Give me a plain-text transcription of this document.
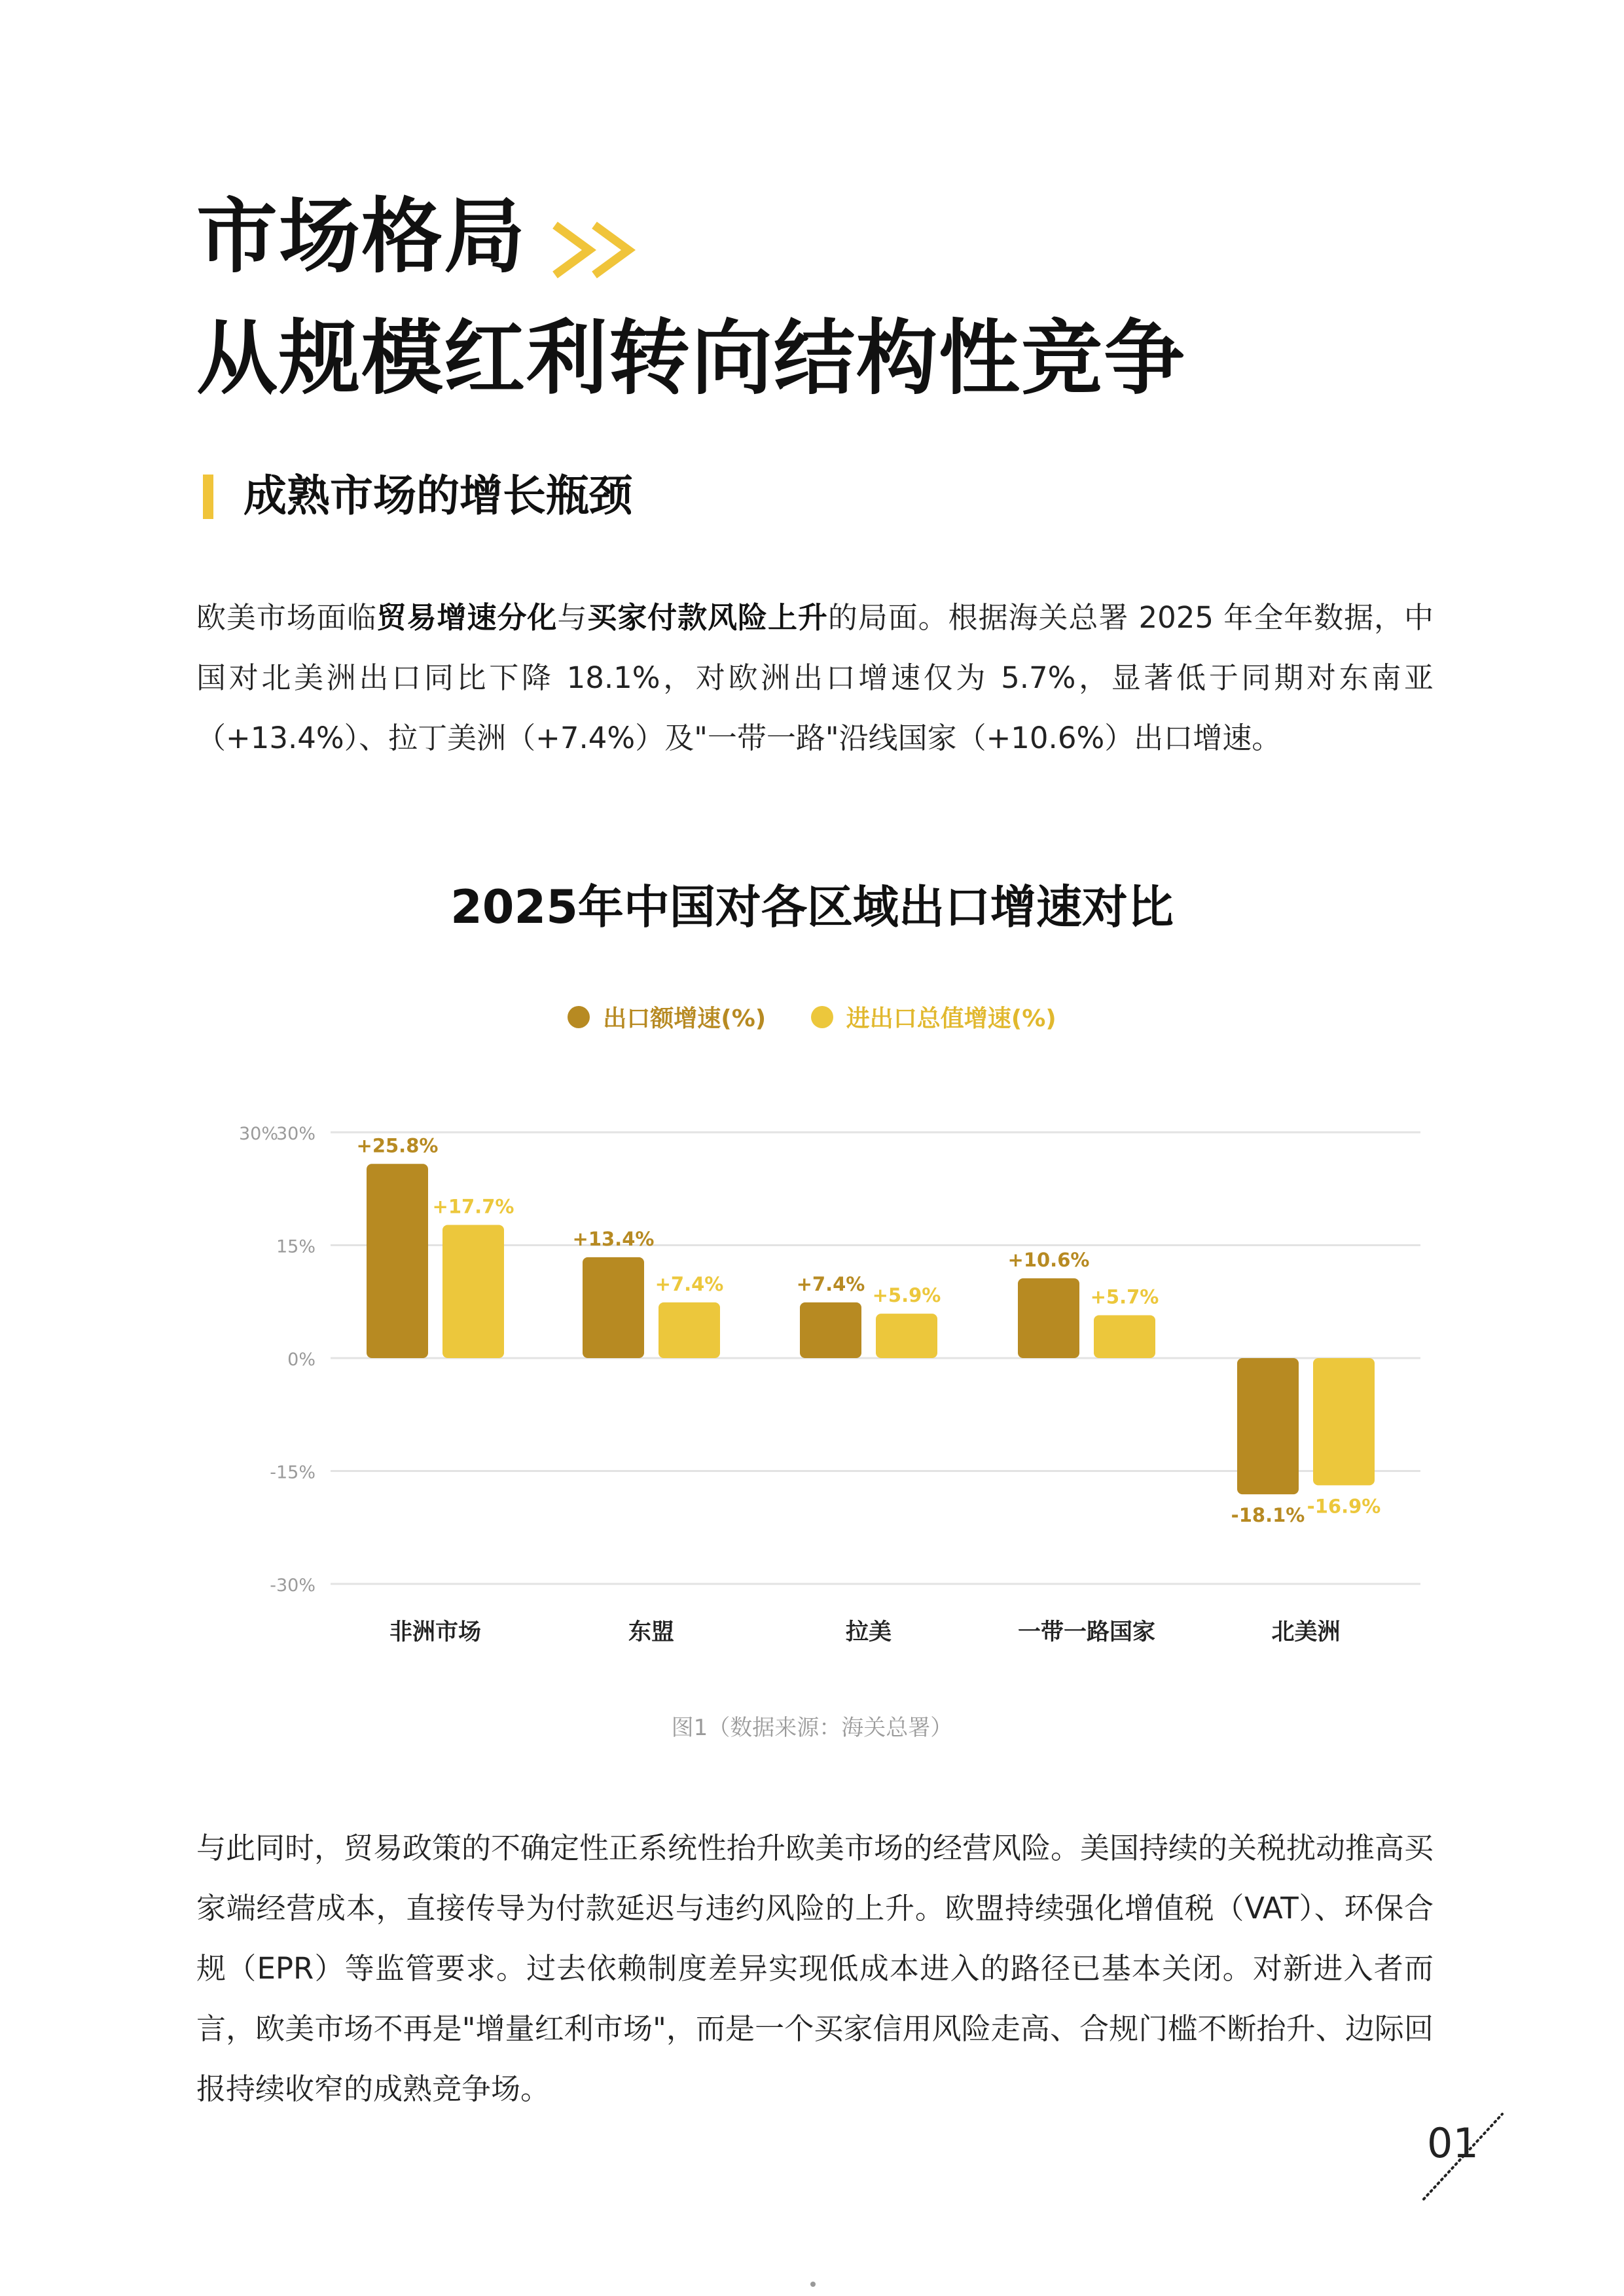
市场格局
从规模红利转向结构性竞争
成熟市场的增长瓶颈

欧美市场面临贸易增速分化与买家付款风险上升的局面。根据海关总署 2025 年全年数据，中国对北美洲出口同比下降 18.1%，对欧洲出口增速仅为 5.7%，显著低于同期对东南亚（+13.4%）、拉丁美洲（+7.4%）及"一带一路"沿线国家（+10.6%）出口增速。

2025年中国对各区域出口增速对比
出口额增速(%)
	进出口总值增速(%)
30%
15%
0%
-15%
-30%
30%
+25.8%
+17.7%
非洲市场
+13.4%
+7.4%
东盟
+7.4%
+5.9%
拉美
+10.6%
+5.7%
一带一路国家
-18.1% -16.9%
北美洲
图1（数据来源：海关总署）

与此同时，贸易政策的不确定性正系统性抬升欧美市场的经营风险。美国持续的关税扰动推高买家端经营成本，直接传导为付款延迟与违约风险的上升。欧盟持续强化增值税（VAT）、环保合规（EPR）等监管要求。过去依赖制度差异实现低成本进入的路径已基本关闭。对新进入者而言，欧美市场不再是"增量红利市场"，而是一个买家信用风险走高、合规门槛不断抬升、边际回报持续收窄的成熟竞争场。

01
